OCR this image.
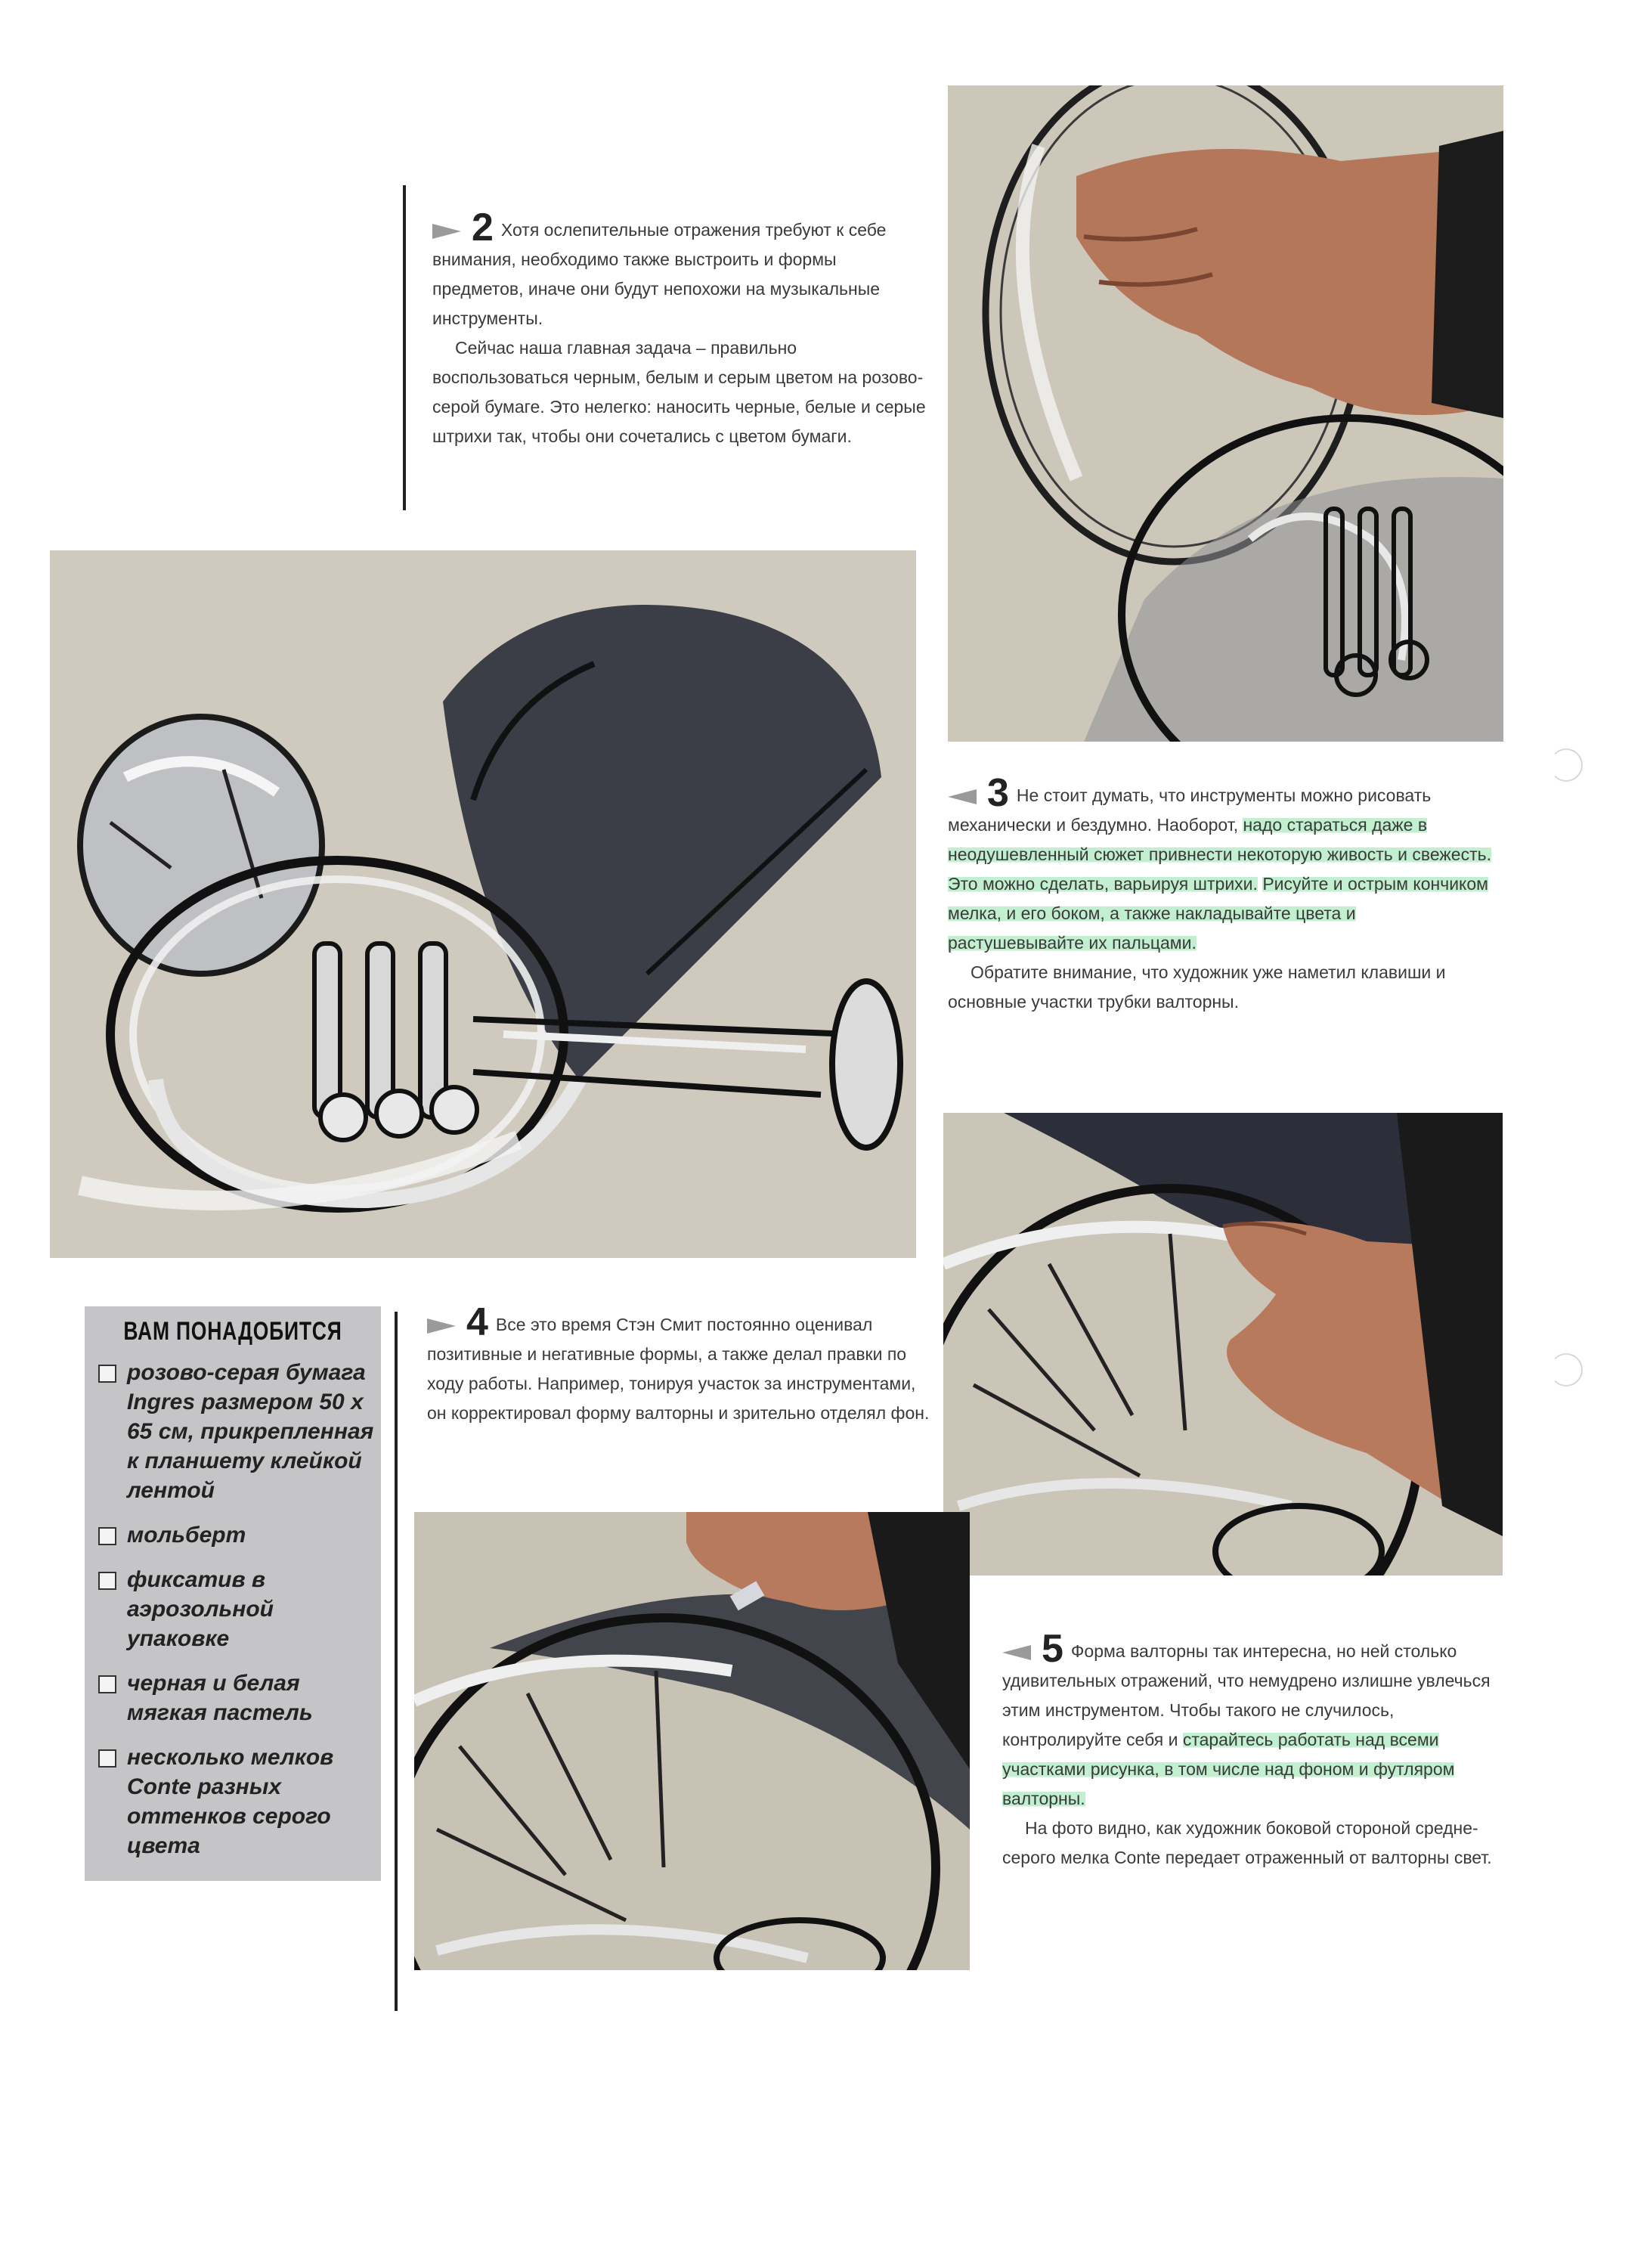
2 Хотя ослепительные отражения требуют к себе внимания, необходимо также выстроить и формы предметов, иначе они будут непохожи на музыкальные инструменты.

Сейчас наша главная задача – правильно воспользоваться черным, белым и серым цветом на розово-серой бумаге. Это нелегко: наносить черные, белые и серые штрихи так, чтобы они сочетались с цветом бумаги.

3 Не стоит думать, что инструменты можно рисовать механически и бездумно. Наоборот, надо стараться даже в неодушевленный сюжет привнести некоторую живость и свежесть. Это можно сделать, варьируя штрихи. Рисуйте и острым кончиком мелка, и его боком, а также накладывайте цвета и растушевывайте их пальцами.

Обратите внимание, что художник уже наметил клавиши и основные участки трубки валторны.

ВАМ ПОНАДОБИТСЯ
розово-серая бумага Ingres размером 50 х 65 см, прикрепленная к планшету клейкой лентой
мольберт
фиксатив в аэрозольной упаковке
черная и белая мягкая пастель
несколько мелков Conte разных оттенков серого цвета

4 Все это время Стэн Смит постоянно оценивал позитивные и негативные формы, а также делал правки по ходу работы. Например, тонируя участок за инструментами, он корректировал форму валторны и зрительно отделял фон.

5 Форма валторны так интересна, но ней столько удивительных отражений, что немудрено излишне увлечься этим инструментом. Чтобы такого не случилось, контролируйте себя и старайтесь работать над всеми участками рисунка, в том числе над фоном и футляром валторны.

На фото видно, как художник боковой стороной средне-серого мелка Conte передает отраженный от валторны свет.
